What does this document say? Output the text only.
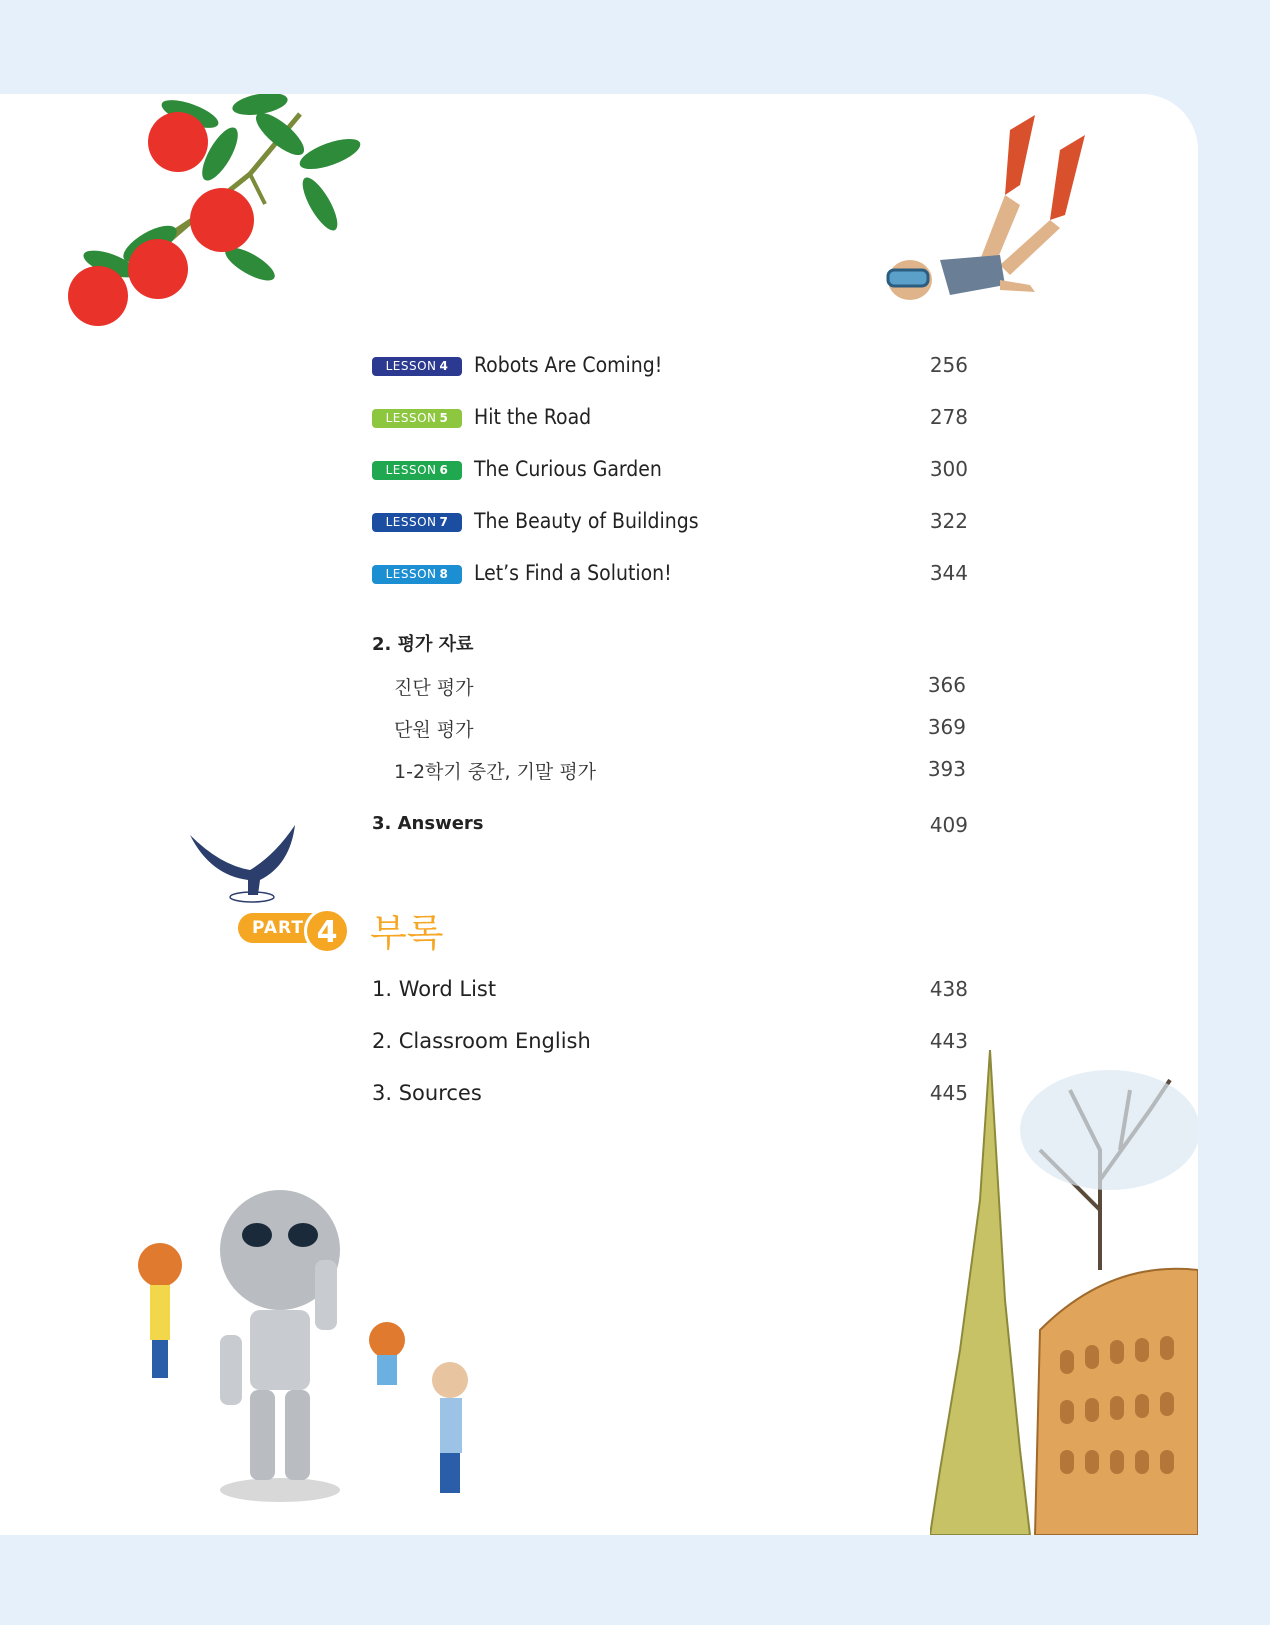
LESSON 4	Robots Are Coming!	256
LESSON 5	Hit the Road	278
LESSON 6	The Curious Garden	300
LESSON 7	The Beauty of Buildings	322
LESSON 8	Let’s Find a Solution!	344
2. 평가 자료
진단 평가	366
단원 평가	369
1-2학기 중간, 기말 평가	393
3. Answers	409
PART 4 부록
1. Word List	438
2. Classroom English	443
3. Sources	445
